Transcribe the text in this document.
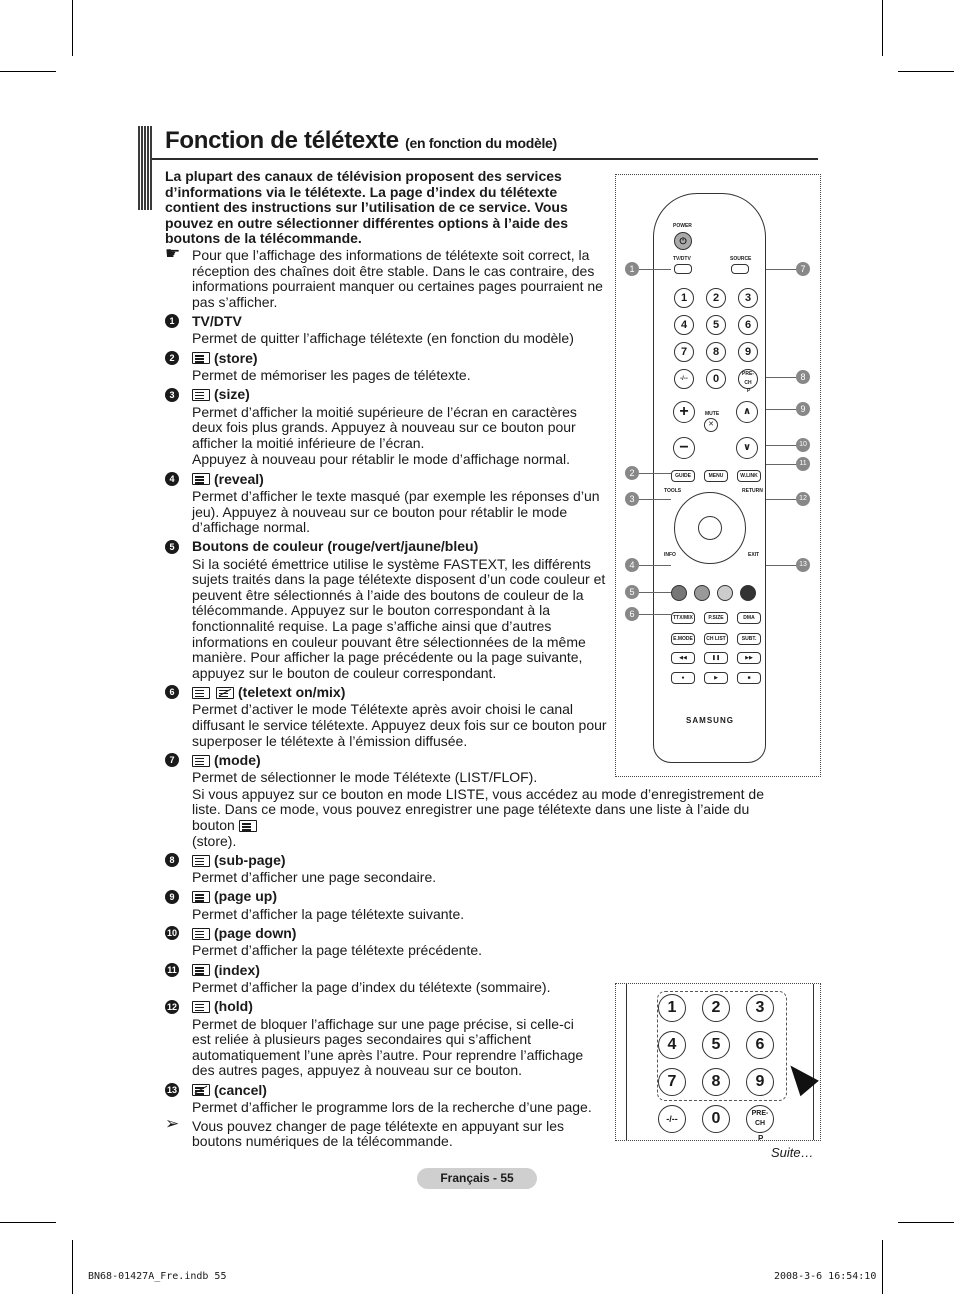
Fonction de télétexte (en fonction du modèle)

La plupart des canaux de télévision proposent des services d’informations via le télétexte. La page d’index du télétexte contient des instructions sur l’utilisation de ce service. Vous pouvez en outre sélectionner différentes options à l’aide des boutons de la télécommande.

☛ Pour que l’affichage des informations de télétexte soit correct, la réception des chaînes doit être stable. Dans le cas contraire, des informations pourraient manquer ou certaines pages pourraient ne pas s’afficher.
1	TV/DTV
Permet de quitter l’affichage télétexte (en fonction du modèle)
2	(store)
Permet de mémoriser les pages de télétexte.
3	(size)
Permet d’afficher la moitié supérieure de l’écran en caractères deux fois plus grands. Appuyez à nouveau sur ce bouton pour afficher la moitié inférieure de l’écran.
Appuyez à nouveau pour rétablir le mode d’affichage normal.
4	(reveal)
Permet d’afficher le texte masqué (par exemple les réponses d’un jeu). Appuyez à nouveau sur ce bouton pour rétablir le mode d’affichage normal.
5	Boutons de couleur (rouge/vert/jaune/bleu)
Si la société émettrice utilise le système FASTEXT, les différents sujets traités dans la page télétexte disposent d’un code couleur et peuvent être sélectionnés à l’aide des boutons de couleur de la télécommande. Appuyez sur le bouton correspondant à la fonctionnalité requise. La page s’affiche ainsi que d’autres informations en couleur pouvant être sélectionnées de la même manière. Pour afficher la page précédente ou la page suivante, appuyez sur le bouton de couleur correspondant.
6	(teletext on/mix)
Permet d’activer le mode Télétexte après avoir choisi le canal diffusant le service télétexte. Appuyez deux fois sur ce bouton pour superposer le télétexte à l’émission diffusée.
7	(mode)
Permet de sélectionner le mode Télétexte (LIST/FLOF).
Si vous appuyez sur ce bouton en mode LISTE, vous accédez au mode d’enregistrement de liste. Dans ce mode, vous pouvez enregistrer une page télétexte dans une liste à l’aide du bouton
(store).
8	(sub-page)
Permet d’afficher une page secondaire.
9	(page up)
Permet d’afficher la page télétexte suivante.
10	(page down)
Permet d’afficher la page télétexte précédente.
11	(index)
Permet d’afficher la page d’index du télétexte (sommaire).
12	(hold)
Permet de bloquer l’affichage sur une page précise, si celle-ci est reliée à plusieurs pages secondaires qui s’affichent automatiquement l’une après l’autre. Pour reprendre l’affichage des autres pages, appuyez à nouveau sur ce bouton.
13	(cancel)
Permet d’afficher le programme lors de la recherche d’une page.
➢ Vous pouvez changer de page télétexte en appuyant sur les boutons numériques de la télécommande.
POWER
⏻
TV/DTV	SOURCE
1	2	3
4	5	6
7	8	9
-/--	0	PRE-CH
+	MUTE
✕
P
∧
−	∨
GUIDE	MENU	W.LINK
TOOLS	RETURN
INFO	EXIT
TTX/MIX	P.SIZE	DMA
E.MODE	CH LIST	SUBT.
◀◀	❚❚	▶▶
●	▶	■
SAMSUNG
1
2
3
4
5
6
7
8
9
10
11
12
13
1	2	3
4	5	6
7	8	9
-/--	0	PRE-CH
P
Suite…
Français - 55
BN68-01427A_Fre.indb 55	2008-3-6 16:54:10
